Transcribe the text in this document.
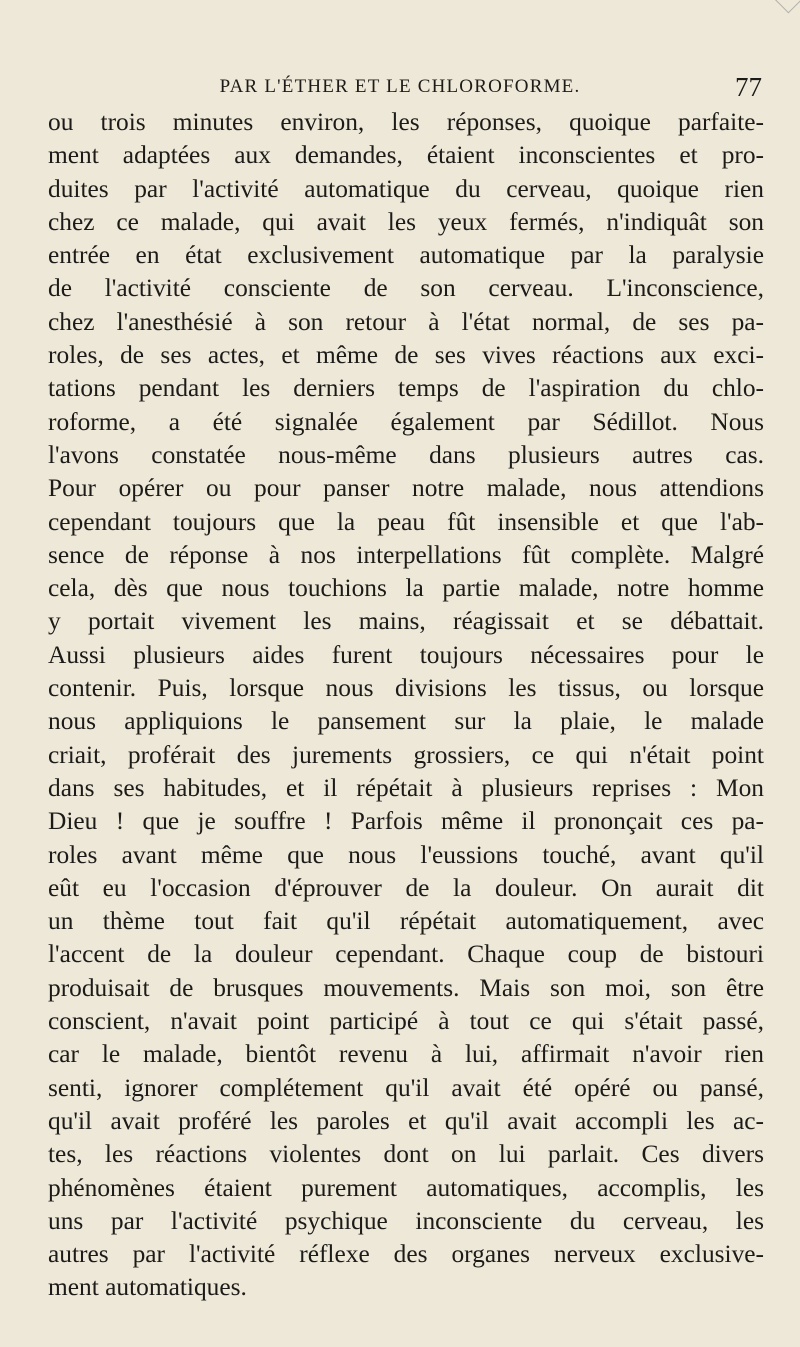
PAR L'ÉTHER ET LE CHLOROFORME.	77
ou trois minutes environ, les réponses, quoique parfaite-
ment adaptées aux demandes, étaient inconscientes et pro-
duites par l'activité automatique du cerveau, quoique rien
chez ce malade, qui avait les yeux fermés, n'indiquât son
entrée en état exclusivement automatique par la paralysie
de l'activité consciente de son cerveau. L'inconscience,
chez l'anesthésié à son retour à l'état normal, de ses pa-
roles, de ses actes, et même de ses vives réactions aux exci-
tations pendant les derniers temps de l'aspiration du chlo-
roforme, a été signalée également par Sédillot. Nous
l'avons constatée nous-même dans plusieurs autres cas.
Pour opérer ou pour panser notre malade, nous attendions
cependant toujours que la peau fût insensible et que l'ab-
sence de réponse à nos interpellations fût complète. Malgré
cela, dès que nous touchions la partie malade, notre homme
y portait vivement les mains, réagissait et se débattait.
Aussi plusieurs aides furent toujours nécessaires pour le
contenir. Puis, lorsque nous divisions les tissus, ou lorsque
nous appliquions le pansement sur la plaie, le malade
criait, proférait des jurements grossiers, ce qui n'était point
dans ses habitudes, et il répétait à plusieurs reprises : Mon
Dieu ! que je souffre ! Parfois même il prononçait ces pa-
roles avant même que nous l'eussions touché, avant qu'il
eût eu l'occasion d'éprouver de la douleur. On aurait dit
un thème tout fait qu'il répétait automatiquement, avec
l'accent de la douleur cependant. Chaque coup de bistouri
produisait de brusques mouvements. Mais son moi, son être
conscient, n'avait point participé à tout ce qui s'était passé,
car le malade, bientôt revenu à lui, affirmait n'avoir rien
senti, ignorer complétement qu'il avait été opéré ou pansé,
qu'il avait proféré les paroles et qu'il avait accompli les ac-
tes, les réactions violentes dont on lui parlait. Ces divers
phénomènes étaient purement automatiques, accomplis, les
uns par l'activité psychique inconsciente du cerveau, les
autres par l'activité réflexe des organes nerveux exclusive-
ment automatiques.
